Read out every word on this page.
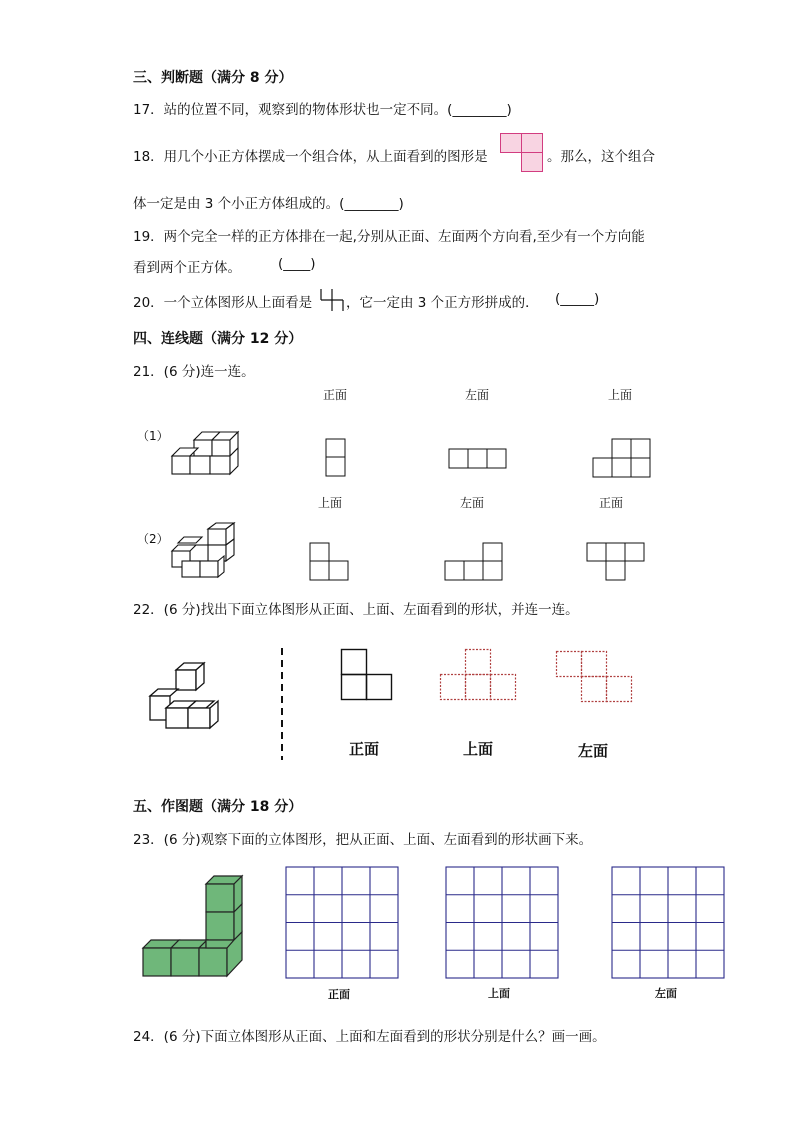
三、判断题（满分 8 分）
17．站的位置不同，观察到的物体形状也一定不同。(________)
18．用几个小正方体摆成一个组合体，从上面看到的图形是	。那么，这个组合
体一定是由 3 个小正方体组成的。(________)
19．两个完全一样的正方体排在一起,分别从正面、左面两个方向看,至少有一个方向能
看到两个正方体。	(____)
20．一个立体图形从上面看是	，它一定由 3 个正方形拼成的． (_____)
四、连线题（满分 12 分）
21．(6 分)连一连。
正面	左面	上面
（1）
上面	左面	正面
（2）
22．(6 分)找出下面立体图形从正面、上面、左面看到的形状，并连一连。
正面	上面	左面
五、作图题（满分 18 分）
23．(6 分)观察下面的立体图形，把从正面、上面、左面看到的形状画下来。
正面	上面	左面
24．(6 分)下面立体图形从正面、上面和左面看到的形状分别是什么？画一画。
